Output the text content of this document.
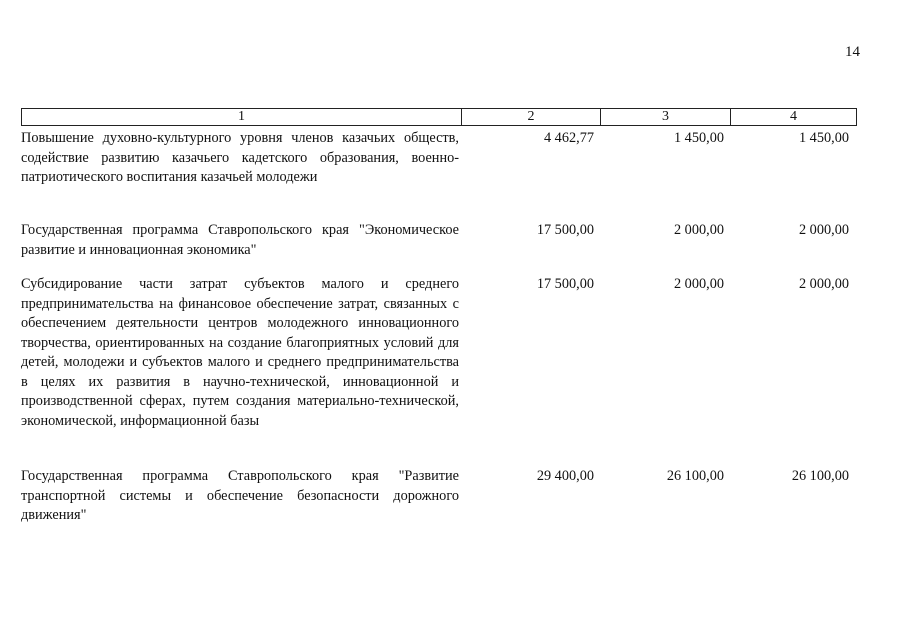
14
1	2	3	4
Повышение духовно-культурного уровня членов казачьих обществ, содействие развитию казачьего кадетского образования, военно-патриотического воспитания казачьей молодежи
4 462,77	1 450,00	1 450,00
Государственная программа Ставропольского края "Экономическое развитие и инновационная экономика"
17 500,00	2 000,00	2 000,00
Субсидирование части затрат субъектов малого и среднего предпринимательства на финансовое обеспечение затрат, связанных с обеспечением деятельности центров молодежного инновационного творчества, ориентированных на создание благоприятных условий для детей, молодежи и субъектов малого и среднего предпринимательства в целях их развития в научно-технической, инновационной и производственной сферах, путем создания материально-технической, экономической, информационной базы
17 500,00	2 000,00	2 000,00
Государственная программа Ставропольского края "Развитие транспортной системы и обеспечение безопасности дорожного движения"
29 400,00	26 100,00	26 100,00
